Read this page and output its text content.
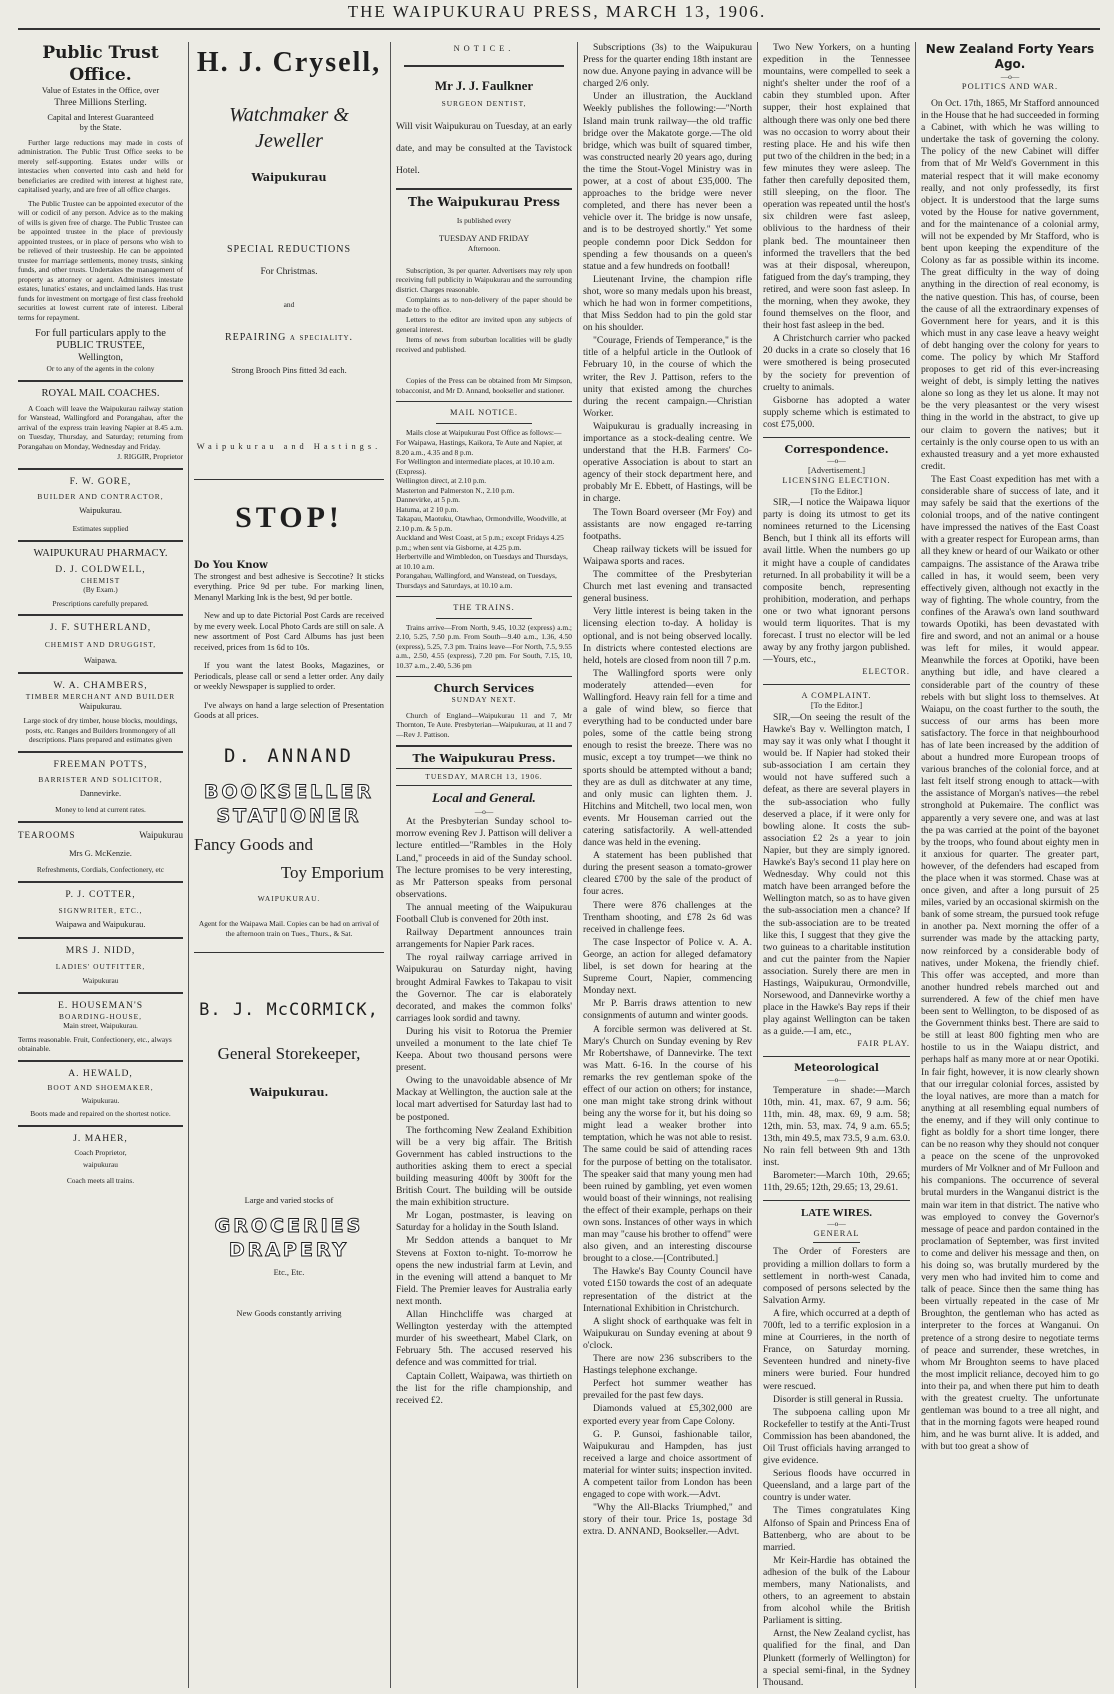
THE WAIPUKURAU PRESS, MARCH 13, 1906.
Public Trust Office.
Value of Estates in the Office, over
Three Millions Sterling.
Capital and Interest Guaranteed
by the State.

Further large reductions may made in costs of administration. The Public Trust Office seeks to be merely self-supporting. Estates under wills or intestacies when converted into cash and held for beneficiaries are credited with interest at highest rate, capitalised yearly, and are free of all office charges.

The Public Trustee can be appointed executor of the will or codicil of any person. Advice as to the making of wills is given free of charge. The Public Trustee can be appointed trustee in the place of previously appointed trustees, or in place of persons who wish to be relieved of their trusteeship. He can be appointed trustee for marriage settlements, money trusts, sinking funds, and other trusts. Undertakes the management of property as attorney or agent. Administers intestate estates, lunatics' estates, and unclaimed lands. Has trust funds for investment on mortgage of first class freehold securities at lowest current rate of interest. Liberal terms for repayment.

For full particulars apply to the
PUBLIC TRUSTEE,
Wellington,
Or to any of the agents in the colony
ROYAL MAIL COACHES.

A Coach will leave the Waipukurau railway station for Wanstead, Wallingford and Porangahau, after the arrival of the express train leaving Napier at 8.45 a.m. on Tuesday, Thursday, and Saturday; returning from Porangahau on Monday, Wednesday and Friday.

J. RIGGIR, Proprietor
F. W. GORE,
BUILDER AND CONTRACTOR,
Waipukurau.
Estimates supplied
WAIPUKURAU PHARMACY.
D. J. COLDWELL,
CHEMIST
(By Exam.)
Prescriptions carefully prepared.
J. F. SUTHERLAND,
CHEMIST AND DRUGGIST,
Waipawa.
W. A. CHAMBERS,
TIMBER MERCHANT AND BUILDER
Waipukurau.
Large stock of dry timber, house blocks, mouldings, posts, etc. Ranges and Builders Ironmongery of all descriptions. Plans prepared and estimates given
FREEMAN POTTS,
BARRISTER AND SOLICITOR,
Dannevirke.
Money to lend at current rates.
TEAROOMS	Waipukurau
Mrs G. McKenzie.
Refreshments, Cordials, Confectionery, etc
P. J. COTTER,
SIGNWRITER, ETC.,
Waipawa and Waipukurau.
MRS J. NIDD,
LADIES' OUTFITTER,
Waipukurau
E. HOUSEMAN'S
BOARDING-HOUSE,
Main street, Waipukurau.
Terms reasonable. Fruit, Confectionery, etc., always obtainable.
A. HEWALD,
BOOT AND SHOEMAKER,
Waipukurau.
Boots made and repaired on the shortest notice.
J. MAHER,
Coach Proprietor,
waipukurau
Coach meets all trains.
H. J. Crysell,
Watchmaker & Jeweller
Waipukurau
SPECIAL REDUCTIONS
For Christmas.
and
REPAIRING a speciality.
Strong Brooch Pins fitted 3d each.
Waipukurau and Hastings.
STOP!
Do You Know

The strongest and best adhesive is Seccotine? It sticks everything. Price 9d per tube. For marking linen, Menanyl Marking Ink is the best, 9d per bottle.

New and up to date Pictorial Post Cards are received by me every week. Local Photo Cards are still on sale. A new assortment of Post Card Albums has just been received, prices from 1s 6d to 10s.

If you want the latest Books, Magazines, or Periodicals, please call or send a letter order. Any daily or weekly Newspaper is supplied to order.

I've always on hand a large selection of Presentation Goods at all prices.

D. ANNAND
BOOKSELLER
STATIONER
Fancy Goods and
Toy Emporium
WAIPUKURAU.
Agent for the Waipawa Mail. Copies can be had on arrival of the afternoon train on Tues., Thurs., & Sat.
B. J. McCORMICK,
General Storekeeper,
Waipukurau.
Large and varied stocks of
GROCERIES
DRAPERY
Etc., Etc.
New Goods constantly arriving
NOTICE.
Mr J. J. Faulkner
SURGEON DENTIST,

Will visit Waipukurau on Tuesday, at an early date, and may be consulted at the Tavistock Hotel.

The Waipukurau Press
Is published every
TUESDAY AND FRIDAY
Afternoon.

Subscription, 3s per quarter. Advertisers may rely upon receiving full publicity in Waipukurau and the surrounding district. Charges reasonable.

Complaints as to non-delivery of the paper should be made to the office.

Letters to the editor are invited upon any subjects of general interest.

Items of news from suburban localities will be gladly received and published.

Copies of the Press can be obtained from Mr Simpson, tobacconist, and Mr D. Annand, bookseller and stationer.

MAIL NOTICE.

Mails close at Waipukurau Post Office as follows:—

For Waipawa, Hastings, Kaikora, Te Aute and Napier, at 8.20 a.m., 4.35 and 8 p.m.
For Wellington and intermediate places, at 10.10 a.m. (Express).
Wellington direct, at 2.10 p.m.
Masterton and Palmerston N., 2.10 p.m.
Dannevirke, at 5 p.m.
Hatuma, at 2 10 p.m.
Takapau, Maotuku, Otawhao, Ormondville, Woodville, at 2.10 p.m. & 5 p.m.
Auckland and West Coast, at 5 p.m.; except Fridays 4.25 p.m.; when sent via Gisborne, at 4.25 p.m.
Herbertville and Wimbledon, on Tuesdays and Thursdays, at 10.10 a.m.
Porangahau, Wallingford, and Wanstead, on Tuesdays, Thursdays and Saturdays, at 10.10 a.m.
THE TRAINS.

Trains arrive—From North, 9.45, 10.32 (express) a.m.; 2.10, 5.25, 7.50 p.m. From South—9.40 a.m., 1.36, 4.50 (express), 5.25, 7.3 pm. Trains leave—For North, 7.5, 9.55 a.m., 2.50, 4.55 (express), 7.20 pm. For South, 7.15, 10, 10.37 a.m., 2.40, 5.36 pm

Church Services
SUNDAY NEXT.

Church of England—Waipukurau 11 and 7, Mr Thornton, Te Aute. Presbyterian—Waipukurau, at 11 and 7—Rev J. Pattison.

The Waipukurau Press.
TUESDAY, MARCH 13, 1906.
Local and General.
—o—

At the Presbyterian Sunday school to-morrow evening Rev J. Pattison will deliver a lecture entitled—"Rambles in the Holy Land," proceeds in aid of the Sunday school. The lecture promises to be very interesting, as Mr Patterson speaks from personal observations.

The annual meeting of the Waipukurau Football Club is convened for 20th inst.

Railway Department announces train arrangements for Napier Park races.

The royal railway carriage arrived in Waipukurau on Saturday night, having brought Admiral Fawkes to Takapau to visit the Governor. The car is elaborately decorated, and makes the common folks' carriages look sordid and tawny.

During his visit to Rotorua the Premier unveiled a monument to the late chief Te Keepa. About two thousand persons were present.

Owing to the unavoidable absence of Mr Mackay at Wellington, the auction sale at the local mart advertised for Saturday last had to be postponed.

The forthcoming New Zealand Exhibition will be a very big affair. The British Government has cabled instructions to the authorities asking them to erect a special building measuring 400ft by 300ft for the British Court. The building will be outside the main exhibition structure.

Mr Logan, postmaster, is leaving on Saturday for a holiday in the South Island.

Mr Seddon attends a banquet to Mr Stevens at Foxton to-night. To-morrow he opens the new industrial farm at Levin, and in the evening will attend a banquet to Mr Field. The Premier leaves for Australia early next month.

Allan Hinchcliffe was charged at Wellington yesterday with the attempted murder of his sweetheart, Mabel Clark, on February 5th. The accused reserved his defence and was committed for trial.

Captain Collett, Waipawa, was thirtieth on the list for the rifle championship, and received £2.

Subscriptions (3s) to the Waipukurau Press for the quarter ending 18th instant are now due. Anyone paying in advance will be charged 2/6 only.

Under an illustration, the Auckland Weekly publishes the following:—"North Island main trunk railway—the old traffic bridge over the Makatote gorge.—The old bridge, which was built of squared timber, was constructed nearly 20 years ago, during the time the Stout-Vogel Ministry was in power, at a cost of about £35,000. The approaches to the bridge were never completed, and there has never been a vehicle over it. The bridge is now unsafe, and is to be destroyed shortly." Yet some people condemn poor Dick Seddon for spending a few thousands on a queen's statue and a few hundreds on football!

Lieutenant Irvine, the champion rifle shot, wore so many medals upon his breast, which he had won in former competitions, that Miss Seddon had to pin the gold star on his shoulder.

"Courage, Friends of Temperance," is the title of a helpful article in the Outlook of February 10, in the course of which the writer, the Rev J. Pattison, refers to the unity that existed among the churches during the recent campaign.—Christian Worker.

Waipukurau is gradually increasing in importance as a stock-dealing centre. We understand that the H.B. Farmers' Co-operative Association is about to start an agency of their stock department here, and probably Mr E. Ebbett, of Hastings, will be in charge.

The Town Board overseer (Mr Foy) and assistants are now engaged re-tarring footpaths.

Cheap railway tickets will be issued for Waipawa sports and races.

The committee of the Presbyterian Church met last evening and transacted general business.

Very little interest is being taken in the licensing election to-day. A holiday is optional, and is not being observed locally. In districts where contested elections are held, hotels are closed from noon till 7 p.m.

The Wallingford sports were only moderately attended—even for Wallingford. Heavy rain fell for a time and a gale of wind blew, so fierce that everything had to be conducted under bare poles, some of the cattle being strong enough to resist the breeze. There was no music, except a toy trumpet—we think no sports should be attempted without a band; they are as dull as ditchwater at any time, and only music can lighten them. J. Hitchins and Mitchell, two local men, won events. Mr Houseman carried out the catering satisfactorily. A well-attended dance was held in the evening.

A statement has been published that during the present season a tomato-grower cleared £700 by the sale of the product of four acres.

There were 876 challenges at the Trentham shooting, and £78 2s 6d was received in challenge fees.

The case Inspector of Police v. A. A. George, an action for alleged defamatory libel, is set down for hearing at the Supreme Court, Napier, commencing Monday next.

Mr P. Barris draws attention to new consignments of autumn and winter goods.

A forcible sermon was delivered at St. Mary's Church on Sunday evening by Rev Mr Robertshawe, of Dannevirke. The text was Matt. 6-16. In the course of his remarks the rev gentleman spoke of the effect of our action on others; for instance, one man might take strong drink without being any the worse for it, but his doing so might lead a weaker brother into temptation, which he was not able to resist. The same could be said of attending races for the purpose of betting on the totalisator. The speaker said that many young men had been ruined by gambling, yet even women would boast of their winnings, not realising the effect of their example, perhaps on their own sons. Instances of other ways in which man may "cause his brother to offend" were also given, and an interesting discourse brought to a close.—[Contributed.]

The Hawke's Bay County Council have voted £150 towards the cost of an adequate representation of the district at the International Exhibition in Christchurch.

A slight shock of earthquake was felt in Waipukurau on Sunday evening at about 9 o'clock.

There are now 236 subscribers to the Hastings telephone exchange.

Perfect hot summer weather has prevailed for the past few days.

Diamonds valued at £5,302,000 are exported every year from Cape Colony.

G. P. Gunsoi, fashionable tailor, Waipukurau and Hampden, has just received a large and choice assortment of material for winter suits; inspection invited. A competent tailor from London has been engaged to cope with work.—Advt.

"Why the All-Blacks Triumphed," and story of their tour. Price 1s, postage 3d extra. D. ANNAND, Bookseller.—Advt.

Two New Yorkers, on a hunting expedition in the Tennessee mountains, were compelled to seek a night's shelter under the roof of a cabin they stumbled upon. After supper, their host explained that although there was only one bed there was no occasion to worry about their resting place. He and his wife then put two of the children in the bed; in a few minutes they were asleep. The father then carefully deposited them, still sleeping, on the floor. The operation was repeated until the host's six children were fast asleep, oblivious to the hardness of their plank bed. The mountaineer then informed the travellers that the bed was at their disposal, whereupon, fatigued from the day's tramping, they retired, and were soon fast asleep. In the morning, when they awoke, they found themselves on the floor, and their host fast asleep in the bed.

A Christchurch carrier who packed 20 ducks in a crate so closely that 16 were smothered is being prosecuted by the society for prevention of cruelty to animals.

Gisborne has adopted a water supply scheme which is estimated to cost £75,000.

Correspondence.
—o—
[Advertisement.]
LICENSING ELECTION.
[To the Editor.]

SIR,—I notice the Waipawa liquor party is doing its utmost to get its nominees returned to the Licensing Bench, but I think all its efforts will avail little. When the numbers go up it might have a couple of candidates returned. In all probability it will be a composite bench, representing prohibition, moderation, and perhaps one or two what ignorant persons would term liquorites. That is my forecast. I trust no elector will be led away by any frothy jargon published.—Yours, etc.,

ELECTOR.
A COMPLAINT.
[To the Editor.]

SIR,—On seeing the result of the Hawke's Bay v. Wellington match, I may say it was only what I thought it would be. If Napier had stoked their sub-association I am certain they would not have suffered such a defeat, as there are several players in the sub-association who fully deserved a place, if it were only for bowling alone. It costs the sub-association £2 2s a year to join Napier, but they are simply ignored. Hawke's Bay's second 11 play here on Wednesday. Why could not this match have been arranged before the Wellington match, so as to have given the sub-association men a chance? If the sub-association are to be treated like this, I suggest that they give the two guineas to a charitable institution and cut the painter from the Napier association. Surely there are men in Hastings, Waipukurau, Ormondville, Norsewood, and Dannevirke worthy a place in the Hawke's Bay reps if their play against Wellington can be taken as a guide.—I am, etc.,

FAIR PLAY.
Meteorological
—o—

Temperature in shade:—March 10th, min. 41, max. 67, 9 a.m. 56; 11th, min. 48, max. 69, 9 a.m. 58; 12th, min. 53, max. 74, 9 a.m. 65.5; 13th, min 49.5, max 73.5, 9 a.m. 63.0. No rain fell between 9th and 13th inst.

Barometer:—March 10th, 29.65; 11th, 29.65; 12th, 29.65; 13, 29.61.

LATE WIRES.
—o—
GENERAL

The Order of Foresters are providing a million dollars to form a settlement in north-west Canada, composed of persons selected by the Salvation Army.

A fire, which occurred at a depth of 700ft, led to a terrific explosion in a mine at Courrieres, in the north of France, on Saturday morning. Seventeen hundred and ninety-five miners were buried. Four hundred were rescued.

Disorder is still general in Russia.

The subpoena calling upon Mr Rockefeller to testify at the Anti-Trust Commission has been abandoned, the Oil Trust officials having arranged to give evidence.

Serious floods have occurred in Queensland, and a large part of the country is under water.

The Times congratulates King Alfonso of Spain and Princess Ena of Battenberg, who are about to be married.

Mr Keir-Hardie has obtained the adhesion of the bulk of the Labour members, many Nationalists, and others, to an agreement to abstain from alcohol while the British Parliament is sitting.

Arnst, the New Zealand cyclist, has qualified for the final, and Dan Plunkett (formerly of Wellington) for a special semi-final, in the Sydney Thousand.

New Zealand Forty Years Ago.
—o—
POLITICS AND WAR.

On Oct. 17th, 1865, Mr Stafford announced in the House that he had succeeded in forming a Cabinet, with which he was willing to undertake the task of governing the colony. The policy of the new Cabinet will differ from that of Mr Weld's Government in this material respect that it will make economy really, and not only professedly, its first object. It is understood that the large sums voted by the House for native government, and for the maintenance of a colonial army, will not be expended by Mr Stafford, who is bent upon keeping the expenditure of the Colony as far as possible within its income. The great difficulty in the way of doing anything in the direction of real economy, is the native question. This has, of course, been the cause of all the extraordinary expenses of Government here for years, and it is this which must in any case leave a heavy weight of debt hanging over the colony for years to come. The policy by which Mr Stafford proposes to get rid of this ever-increasing weight of debt, is simply letting the natives alone so long as they let us alone. It may not be the very pleasantest or the very wisest thing in the world in the abstract, to give up our claim to govern the natives; but it certainly is the only course open to us with an exhausted treasury and a yet more exhausted credit.

The East Coast expedition has met with a considerable share of success of late, and it may safely be said that the exertions of the colonial troops, and of the native contingent have impressed the natives of the East Coast with a greater respect for European arms, than all they knew or heard of our Waikato or other campaigns. The assistance of the Arawa tribe called in has, it would seem, been very effectively given, although not exactly in the way of fighting. The whole country, from the confines of the Arawa's own land southward towards Opotiki, has been devastated with fire and sword, and not an animal or a house was left for miles, it would appear. Meanwhile the forces at Opotiki, have been anything but idle, and have cleared a considerable part of the country of these rebels with but slight loss to themselves. At Waiapu, on the coast further to the south, the success of our arms has been more satisfactory. The force in that neighbourhood has of late been increased by the addition of about a hundred more European troops of various branches of the colonial force, and at last felt itself strong enough to attack—with the assistance of Morgan's natives—the rebel stronghold at Pukemaire. The conflict was apparently a very severe one, and was at last the pa was carried at the point of the bayonet by the troops, who found about eighty men in it anxious for quarter. The greater part, however, of the defenders had escaped from the place when it was stormed. Chase was at once given, and after a long pursuit of 25 miles, varied by an occasional skirmish on the bank of some stream, the pursued took refuge in another pa. Next morning the offer of a surrender was made by the attacking party, now reinforced by a considerable body of natives, under Mokena, the friendly chief. This offer was accepted, and more than another hundred rebels marched out and surrendered. A few of the chief men have been sent to Wellington, to be disposed of as the Government thinks best. There are said to be still at least 800 fighting men who are hostile to us in the Waiapu district, and perhaps half as many more at or near Opotiki. In fair fight, however, it is now clearly shown that our irregular colonial forces, assisted by the loyal natives, are more than a match for anything at all resembling equal numbers of the enemy, and if they will only continue to fight as boldly for a short time longer, there can be no reason why they should not conquer a peace on the scene of the unprovoked murders of Mr Volkner and of Mr Fulloon and his companions. The occurrence of several brutal murders in the Wanganui district is the main war item in that district. The native who was employed to convey the Governor's message of peace and pardon contained in the proclamation of September, was first invited to come and deliver his message and then, on his doing so, was brutally murdered by the very men who had invited him to come and talk of peace. Since then the same thing has been virtually repeated in the case of Mr Broughton, the gentleman who has acted as interpreter to the forces at Wanganui. On pretence of a strong desire to negotiate terms of peace and surrender, these wretches, in whom Mr Broughton seems to have placed the most implicit reliance, decoyed him to go into their pa, and when there put him to death with the greatest cruelty. The unfortunate gentleman was bound to a tree all night, and that in the morning fagots were heaped round him, and he was burnt alive. It is added, and with but too great a show of
